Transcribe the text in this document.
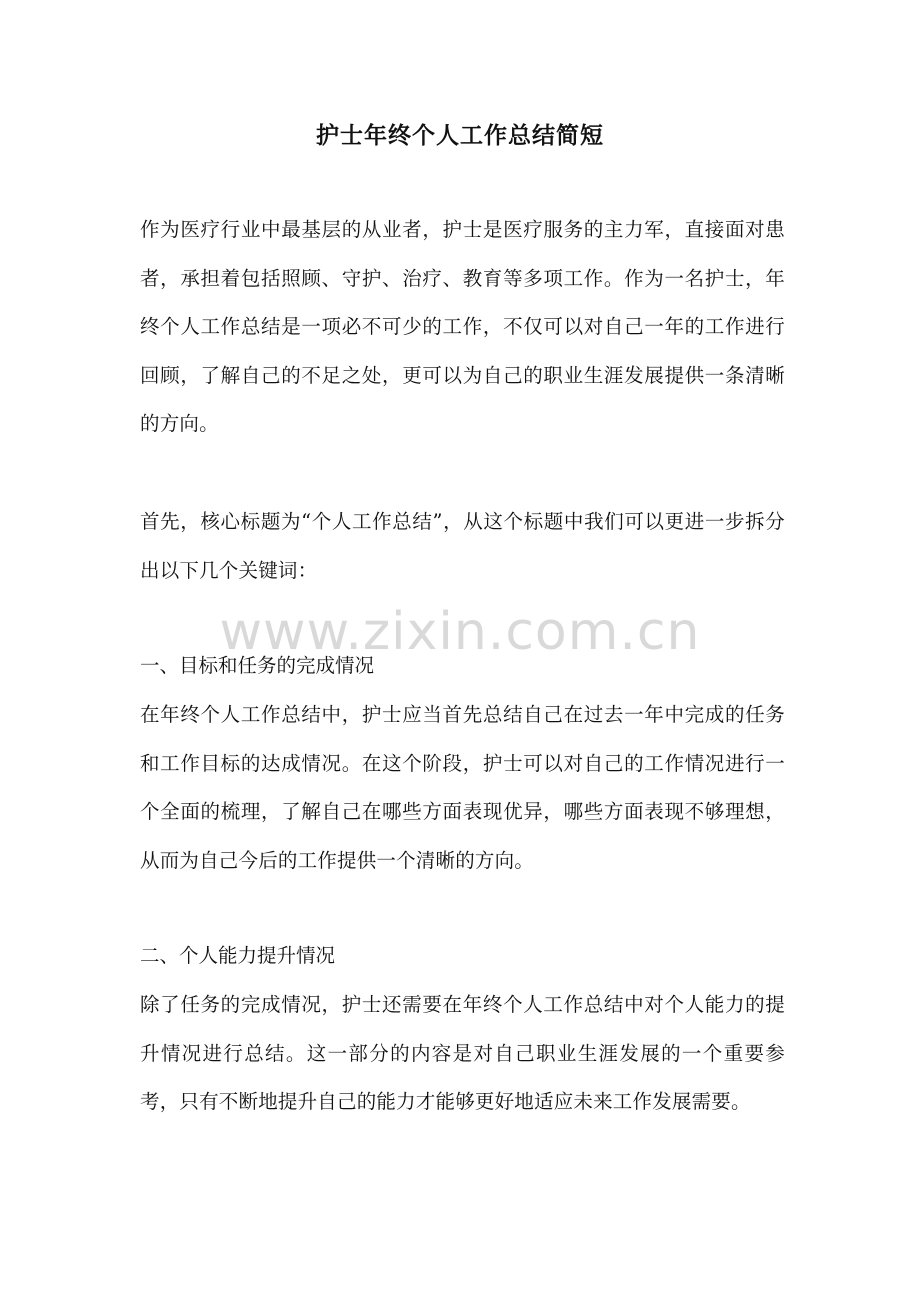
护士年终个人工作总结简短

作为医疗行业中最基层的从业者，护士是医疗服务的主力军，直接面对患者，承担着包括照顾、守护、治疗、教育等多项工作。作为一名护士，年终个人工作总结是一项必不可少的工作，不仅可以对自己一年的工作进行回顾，了解自己的不足之处，更可以为自己的职业生涯发展提供一条清晰的方向。

首先，核心标题为“个人工作总结”，从这个标题中我们可以更进一步拆分出以下几个关键词：

www.zixin.com.cn

一、目标和任务的完成情况

在年终个人工作总结中，护士应当首先总结自己在过去一年中完成的任务和工作目标的达成情况。在这个阶段，护士可以对自己的工作情况进行一个全面的梳理，了解自己在哪些方面表现优异，哪些方面表现不够理想，从而为自己今后的工作提供一个清晰的方向。

二、个人能力提升情况

除了任务的完成情况，护士还需要在年终个人工作总结中对个人能力的提升情况进行总结。这一部分的内容是对自己职业生涯发展的一个重要参考，只有不断地提升自己的能力才能够更好地适应未来工作发展需要。
